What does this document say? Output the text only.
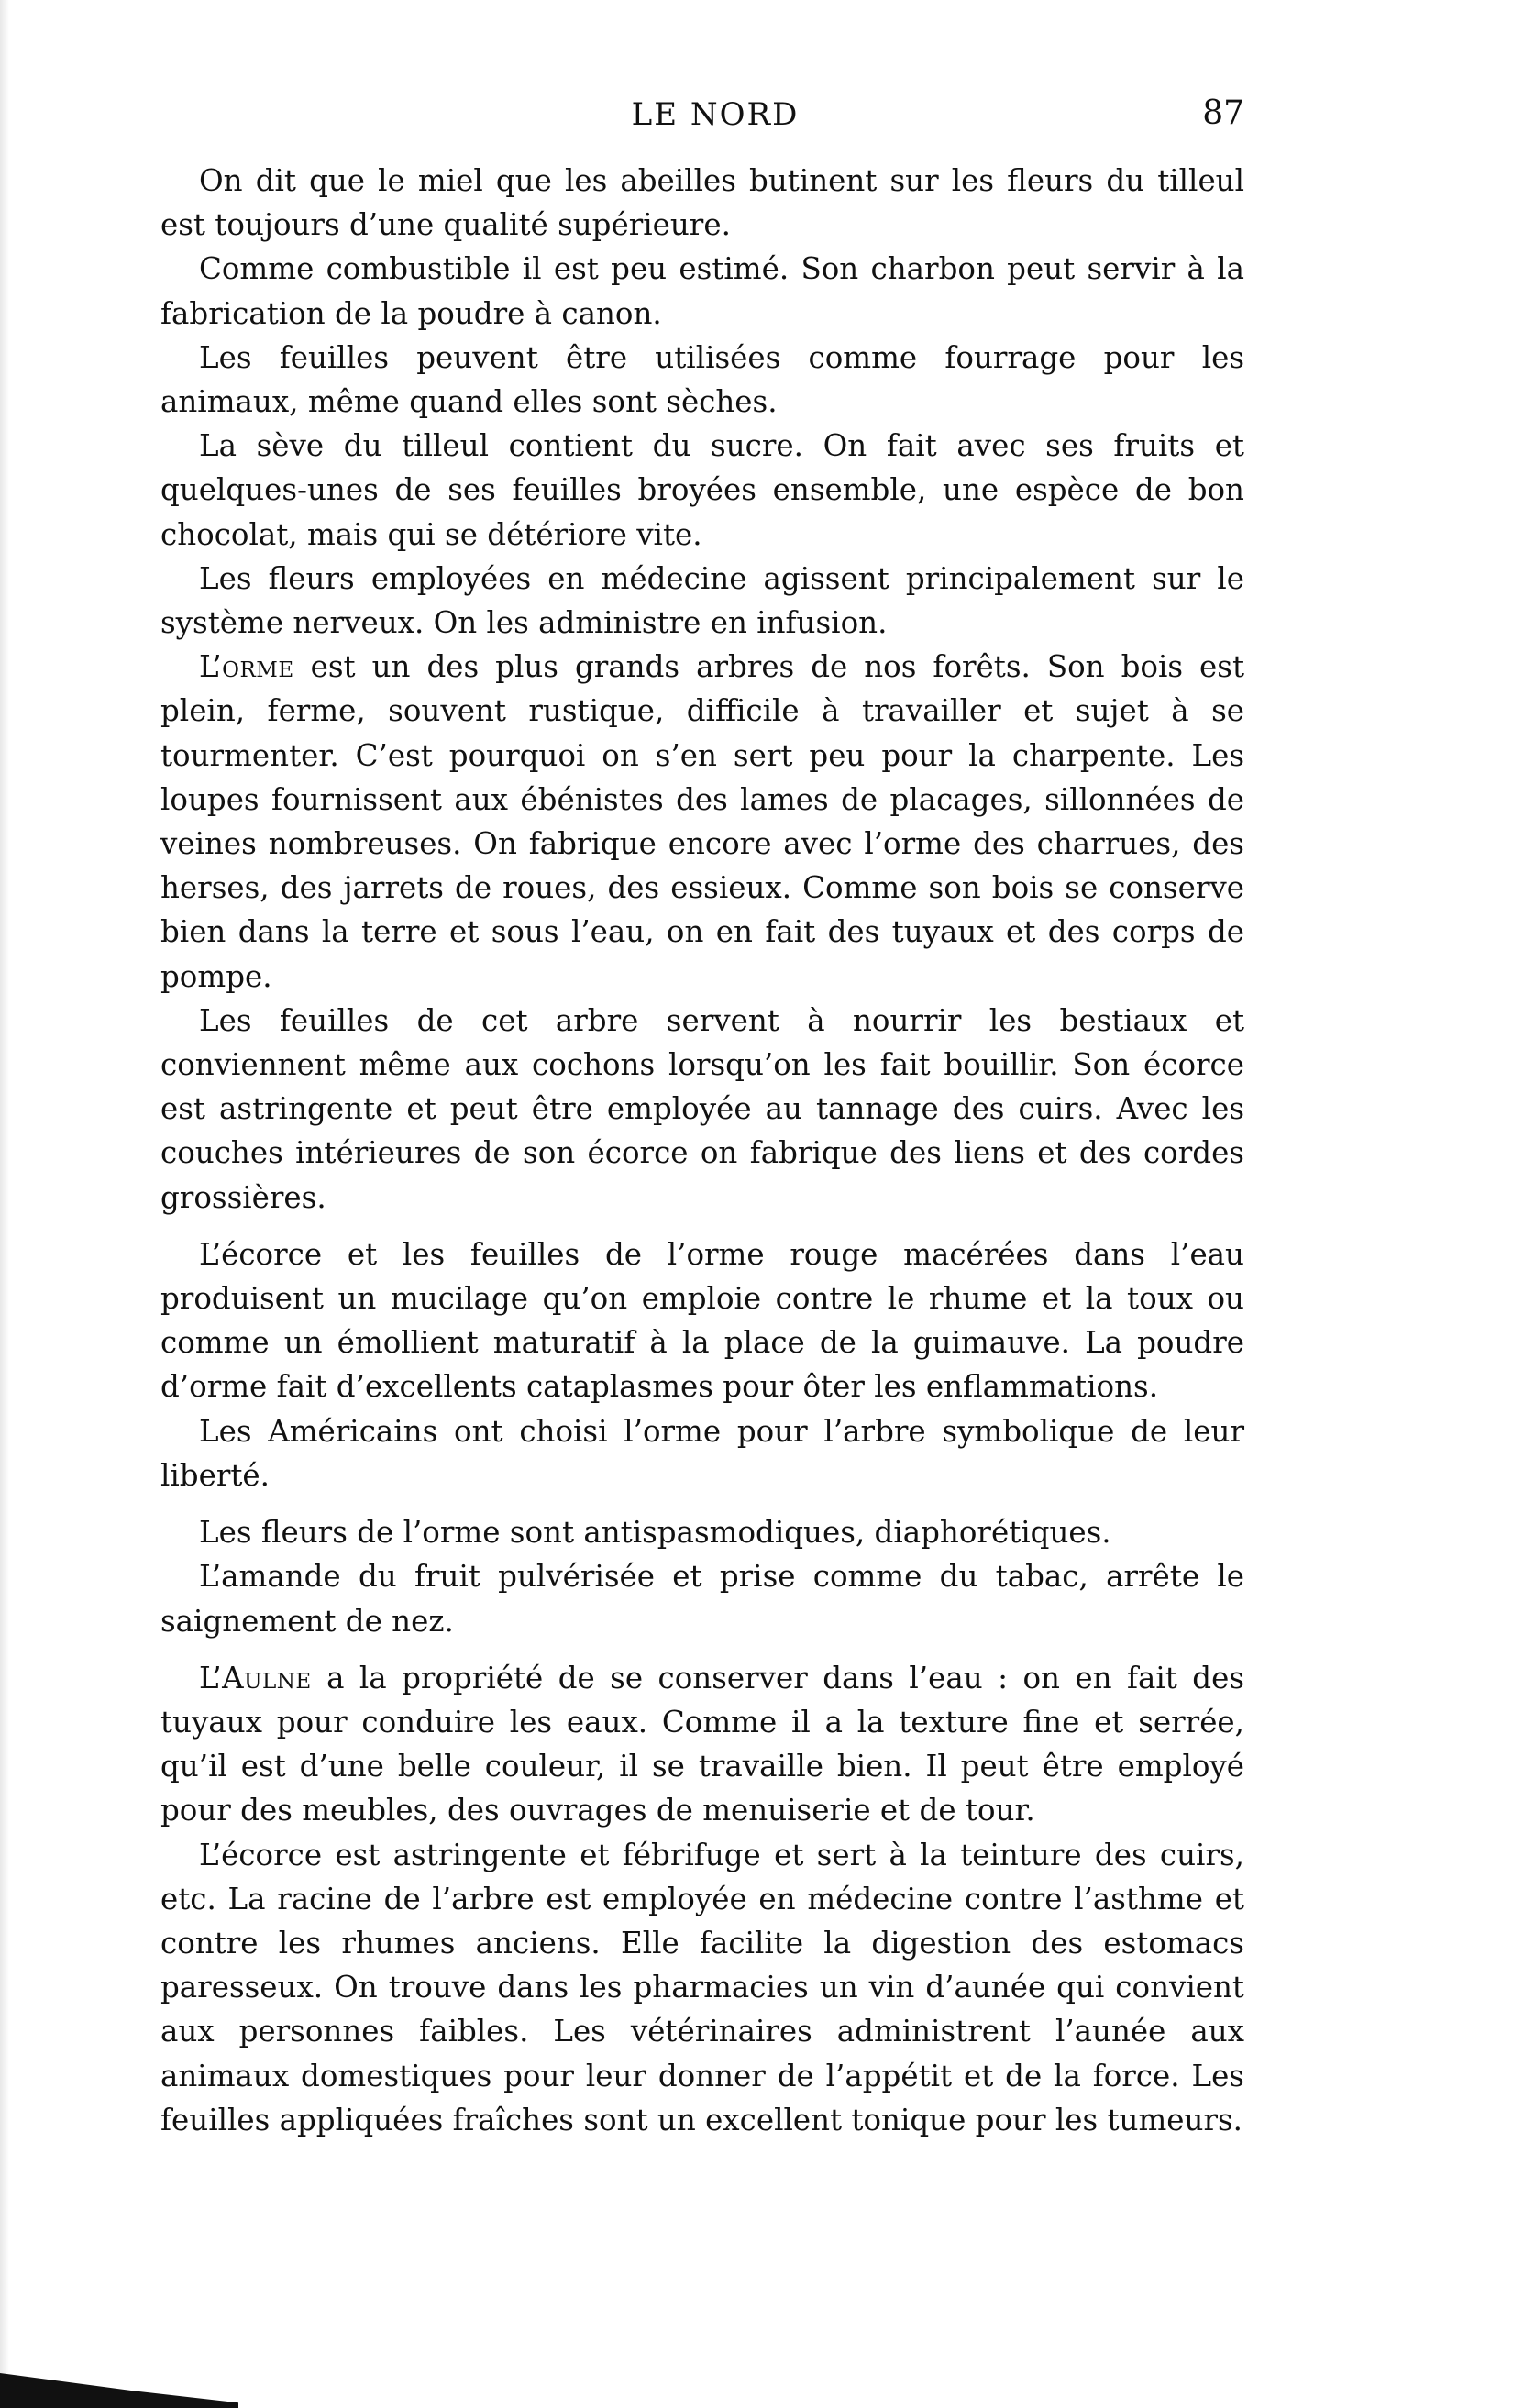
LE NORD	87

On dit que le miel que les abeilles butinent sur les fleurs du tilleul est toujours d’une qualité supérieure.

Comme combustible il est peu estimé. Son charbon peut servir à la fabrication de la poudre à canon.

Les feuilles peuvent être utilisées comme fourrage pour les animaux, même quand elles sont sèches.

La sève du tilleul contient du sucre. On fait avec ses fruits et quelques-unes de ses feuilles broyées ensemble, une espèce de bon chocolat, mais qui se détériore vite.

Les fleurs employées en médecine agissent principalement sur le système nerveux. On les administre en infusion.

L’orme est un des plus grands arbres de nos forêts. Son bois est plein, ferme, souvent rustique, difficile à travailler et sujet à se tourmenter. C’est pourquoi on s’en sert peu pour la charpente. Les loupes fournissent aux ébénistes des lames de placages, sillonnées de veines nombreuses. On fabrique encore avec l’orme des charrues, des herses, des jarrets de roues, des essieux. Comme son bois se conserve bien dans la terre et sous l’eau, on en fait des tuyaux et des corps de pompe.

Les feuilles de cet arbre servent à nourrir les bestiaux et conviennent même aux cochons lorsqu’on les fait bouillir. Son écorce est astringente et peut être employée au tannage des cuirs. Avec les couches intérieures de son écorce on fabrique des liens et des cordes grossières.

L’écorce et les feuilles de l’orme rouge macérées dans l’eau produisent un mucilage qu’on emploie contre le rhume et la toux ou comme un émollient maturatif à la place de la guimauve. La poudre d’orme fait d’excellents cataplasmes pour ôter les enflammations.

Les Américains ont choisi l’orme pour l’arbre symbolique de leur liberté.

Les fleurs de l’orme sont antispasmodiques, diaphorétiques.

L’amande du fruit pulvérisée et prise comme du tabac, arrête le saignement de nez.

L’Aulne a la propriété de se conserver dans l’eau : on en fait des tuyaux pour conduire les eaux. Comme il a la texture fine et serrée, qu’il est d’une belle couleur, il se travaille bien. Il peut être employé pour des meubles, des ouvrages de menuiserie et de tour.

L’écorce est astringente et fébrifuge et sert à la teinture des cuirs, etc. La racine de l’arbre est employée en médecine contre l’asthme et contre les rhumes anciens. Elle facilite la digestion des estomacs paresseux. On trouve dans les pharmacies un vin d’aunée qui convient aux personnes faibles. Les vétérinaires administrent l’aunée aux animaux domestiques pour leur donner de l’appétit et de la force. Les feuilles appliquées fraîches sont un excellent tonique pour les tumeurs.
